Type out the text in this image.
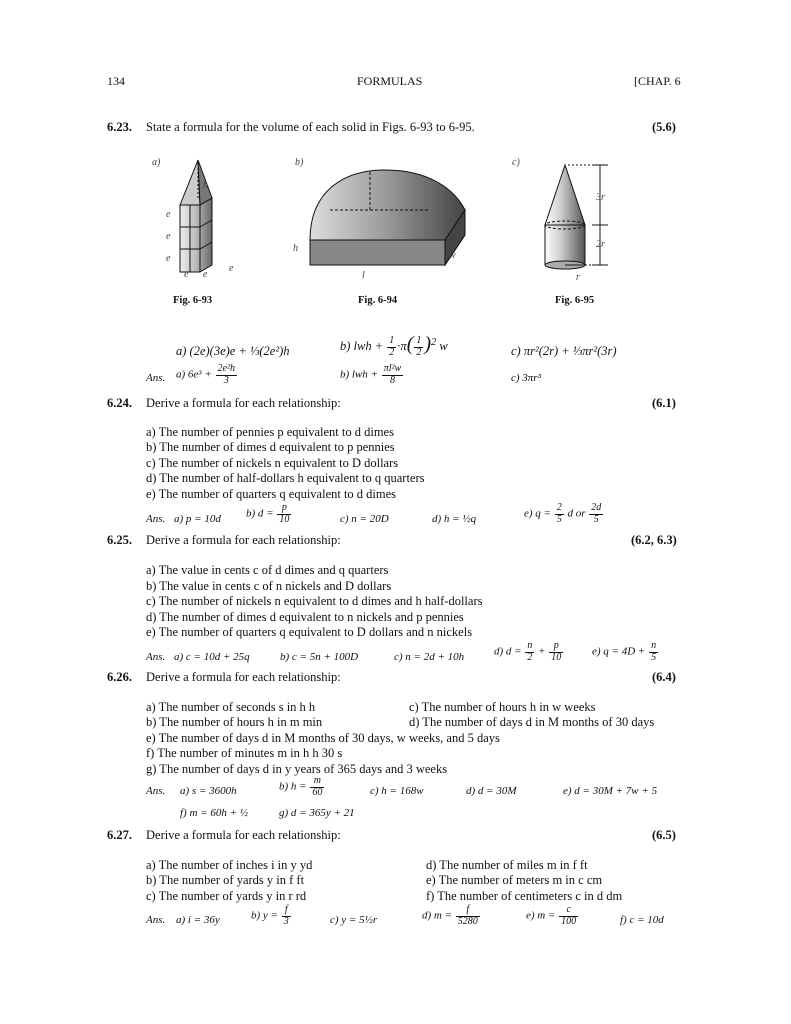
134	FORMULAS	[CHAP. 6
6.23. State a formula for the volume of each solid in Figs. 6-93 to 6-95.	(5.6)
a)	b)	c)
e
e
e
e e
e
h
h
l
w
3r
2r
r
Fig. 6-93	Fig. 6-94	Fig. 6-95
a) (2e)(3e)e + ⅓(2e²)h	b) lwh + $\frac{1}{2} \cdot\pi( \frac{1}{2} )^2$ w	c) πr²(2r) + ⅓πr²(3r)
Ans. a) $6e^3 + \frac{\text{2e²h}}{3}$	b) lwh + $\frac{\text{πl²w}}{8}$	c) 3πr³
6.24. Derive a formula for each relationship:	(6.1)
a) The number of pennies p equivalent to d dimes
b) The number of dimes d equivalent to p pennies
c) The number of nickels n equivalent to D dollars
d) The number of half-dollars h equivalent to q quarters
e) The number of quarters q equivalent to d dimes
Ans. a) p = 10d b) $d = \frac{p}{10}$	c) n = 20D	d) h = ½q	e) $q = \frac{2}{5}$ d or $\frac{2d}{5}$
6.25. Derive a formula for each relationship:	(6.2, 6.3)
a) The value in cents c of d dimes and q quarters
b) The value in cents c of n nickels and D dollars
c) The number of nickels n equivalent to d dimes and h half-dollars
d) The number of dimes d equivalent to n nickels and p pennies
e) The number of quarters q equivalent to D dollars and n nickels
Ans. a) c = 10d + 25q	b) c = 5n + 100D	c) n = 2d + 10h	d) $d = \frac{n}{2} + \frac{p}{10}$	e) $q = 4D + \frac{n}{5}$
6.26. Derive a formula for each relationship:	(6.4)
a) The number of seconds s in h h	c) The number of hours h in w weeks
b) The number of hours h in m min	d) The number of days d in M months of 30 days
e) The number of days d in M months of 30 days, w weeks, and 5 days
f) The number of minutes m in h h 30 s
g) The number of days d in y years of 365 days and 3 weeks
Ans. a) s = 3600h	b) $h = \frac{m}{60}$	c) h = 168w	d) d = 30M	e) d = 30M + 7w + 5
f) m = 60h + ½	g) d = 365y + 21
6.27. Derive a formula for each relationship:	(6.5)
a) The number of inches i in y yd	d) The number of miles m in f ft
b) The number of yards y in f ft	e) The number of meters m in c cm
c) The number of yards y in r rd	f) The number of centimeters c in d dm
Ans. a) i = 36y	b) $y = \frac{f}{3}$	c) y = 5½r	d) $m = \frac{f}{5280}$	e) $m = \frac{c}{100}$	f) c = 10d
